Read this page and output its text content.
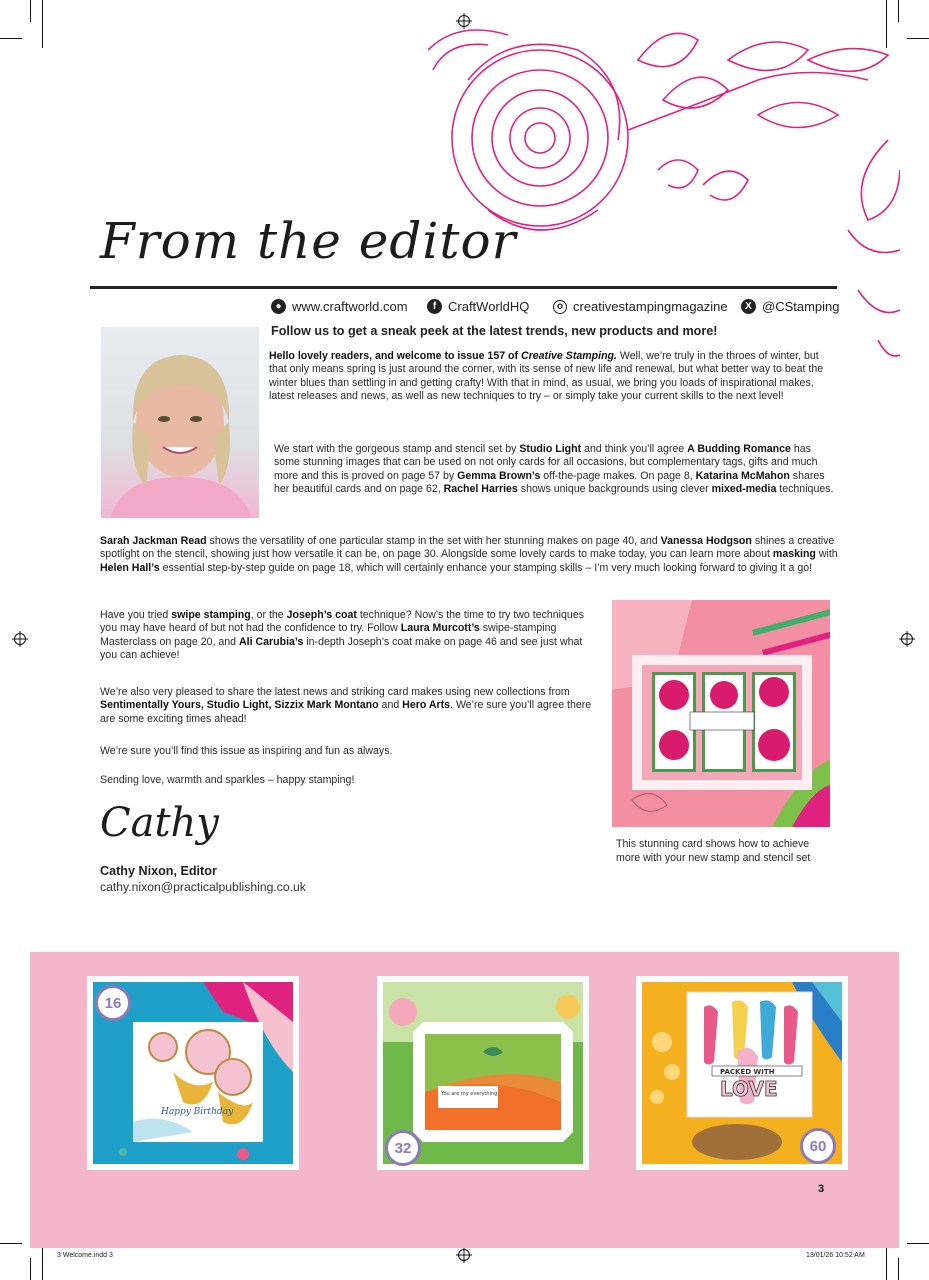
From the editor
● www.craftworld.com	f CraftWorldHQ	o creativestampingmagazine	X @CStamping
Follow us to get a sneak peek at the latest trends, new products and more!

Hello lovely readers, and welcome to issue 157 of Creative Stamping. Well, we’re truly in the throes of winter, but that only means spring is just around the corner, with its sense of new life and renewal, but what better way to beat the winter blues than settling in and getting crafty! With that in mind, as usual, we bring you loads of inspirational makes, latest releases and news, as well as new techniques to try – or simply take your current skills to the next level!

We start with the gorgeous stamp and stencil set by Studio Light and think you’ll agree A Budding Romance has some stunning images that can be used on not only cards for all occasions, but complementary tags, gifts and much more and this is proved on page 57 by Gemma Brown’s off-the-page makes. On page 8, Katarina McMahon shares her beautiful cards and on page 62, Rachel Harries shows unique backgrounds using clever mixed-media techniques.

Sarah Jackman Read shows the versatility of one particular stamp in the set with her stunning makes on page 40, and Vanessa Hodgson shines a creative spotlight on the stencil, showing just how versatile it can be, on page 30. Alongside some lovely cards to make today, you can learn more about masking with Helen Hall’s essential step-by-step guide on page 18, which will certainly enhance your stamping skills – I’m very much looking forward to giving it a go!

Have you tried swipe stamping, or the Joseph’s coat technique? Now’s the time to try two techniques you may have heard of but not had the confidence to try. Follow Laura Murcott’s swipe-stamping Masterclass on page 20, and Ali Carubia’s in-depth Joseph’s coat make on page 46 and see just what you can achieve!

We’re also very pleased to share the latest news and striking card makes using new collections from Sentimentally Yours, Studio Light, Sizzix Mark Montano and Hero Arts. We’re sure you’ll agree there are some exciting times ahead!

We’re sure you’ll find this issue as inspiring and fun as always.

Sending love, warmth and sparkles – happy stamping!

Cathy
Cathy Nixon, Editor
cathy.nixon@practicalpublishing.co.uk
This stunning card shows how to achieve more with your new stamp and stencil set
Happy Birthday
16
You are my everything
32
PACKED WITH
LOVE
60
3
3 Welcome.indd 3	13/01/26 10:52 AM
